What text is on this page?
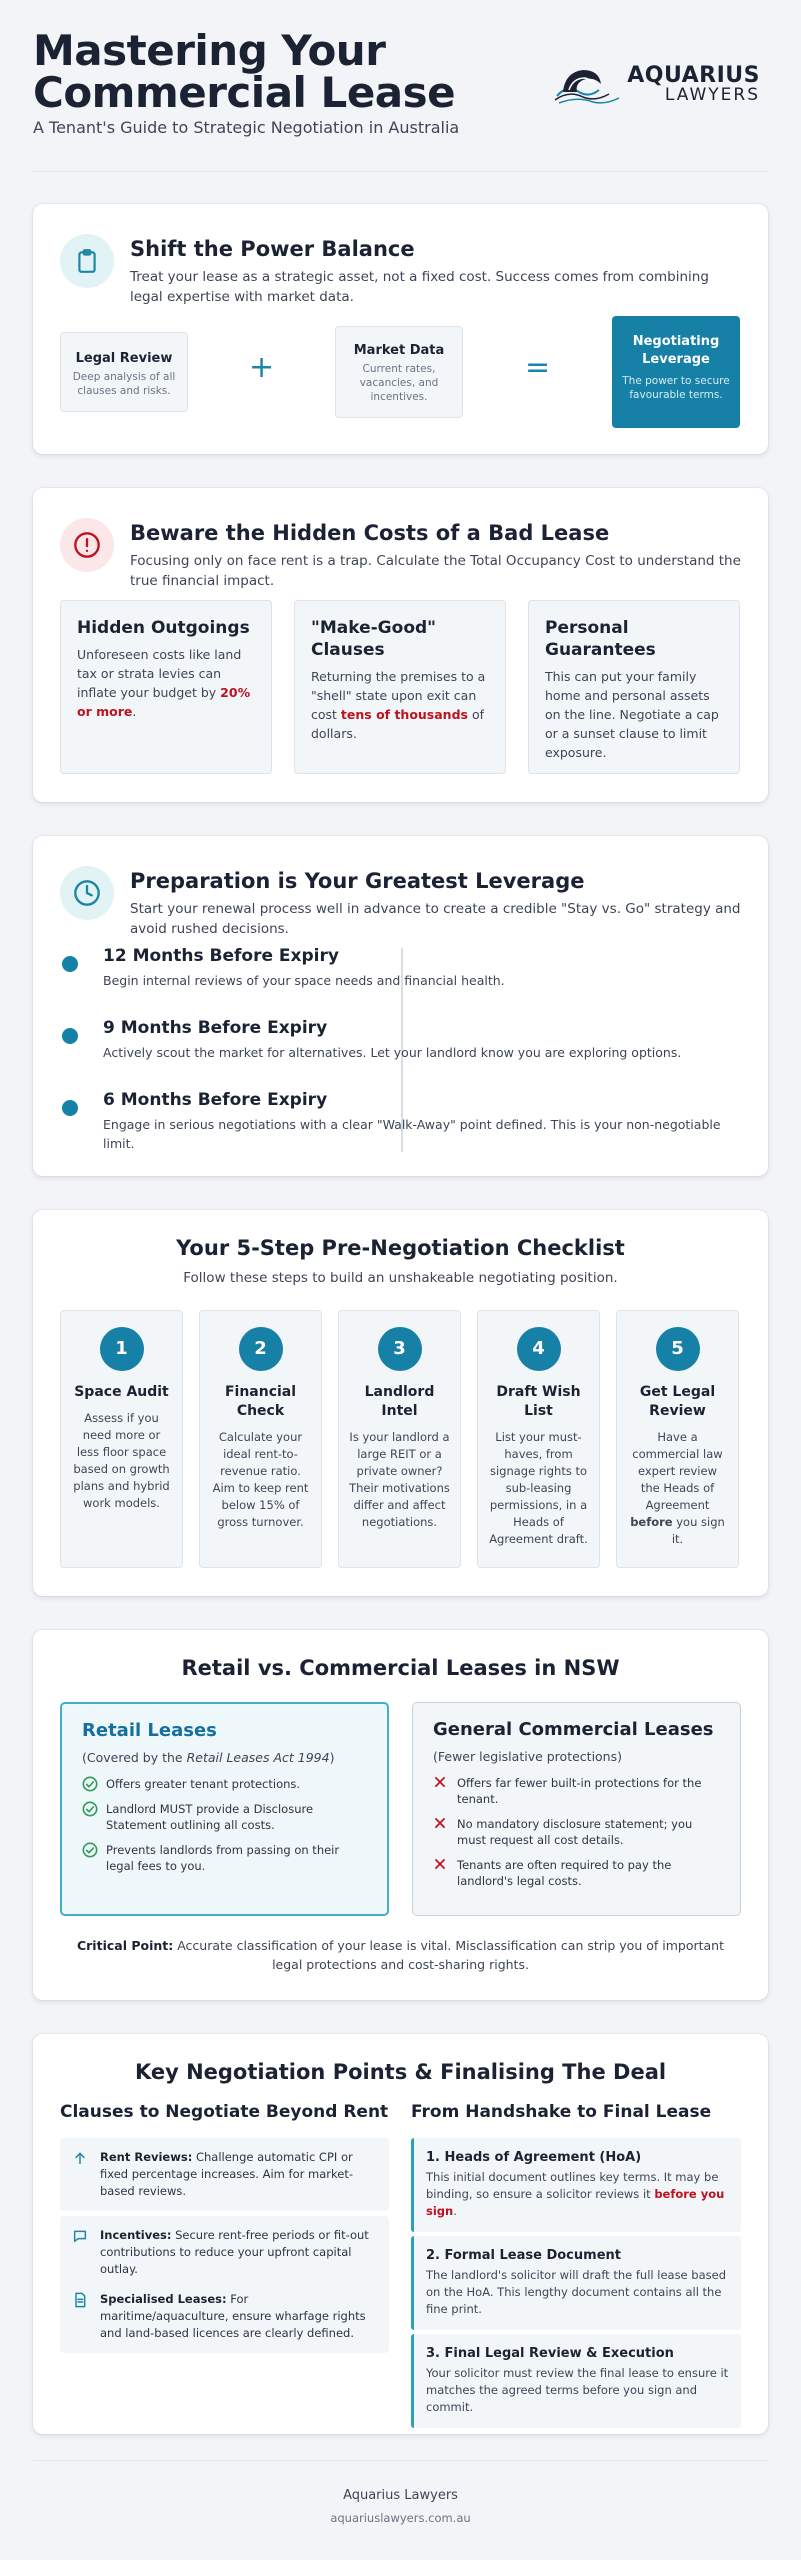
Mastering Your
Commercial Lease
A Tenant's Guide to Strategic Negotiation in Australia
AQUARIUS
LAWYERS
Shift the Power Balance
Treat your lease as a strategic asset, not a fixed cost. Success comes from combining legal expertise with market data.
Legal Review
Deep analysis of all clauses and risks.
+	Market Data
Current rates, vacancies, and incentives.
=
Negotiating Leverage
The power to secure favourable terms.
Beware the Hidden Costs of a Bad Lease
Focusing only on face rent is a trap. Calculate the Total Occupancy Cost to understand the true financial impact.
Hidden Outgoings
Unforeseen costs like land tax or strata levies can inflate your budget by 20% or more.
"Make-Good" Clauses
Returning the premises to a "shell" state upon exit can cost tens of thousands of dollars.
Personal Guarantees
This can put your family home and personal assets on the line. Negotiate a cap or a sunset clause to limit exposure.
Preparation is Your Greatest Leverage
Start your renewal process well in advance to create a credible "Stay vs. Go" strategy and avoid rushed decisions.
12 Months Before Expiry
Begin internal reviews of your space needs and financial health.
9 Months Before Expiry
Actively scout the market for alternatives. Let your landlord know you are exploring options.
6 Months Before Expiry
Engage in serious negotiations with a clear "Walk-Away" point defined. This is your non-negotiable limit.
Your 5-Step Pre-Negotiation Checklist
Follow these steps to build an unshakeable negotiating position.
1
Space Audit
Assess if you need more or less floor space based on growth plans and hybrid work models.
2
Financial Check
Calculate your ideal rent-to-revenue ratio. Aim to keep rent below 15% of gross turnover.
3
Landlord Intel
Is your landlord a large REIT or a private owner? Their motivations differ and affect negotiations.
4
Draft Wish List
List your must-haves, from signage rights to sub-leasing permissions, in a Heads of Agreement draft.
5
Get Legal Review
Have a commercial law expert review the Heads of Agreement before you sign it.
Retail vs. Commercial Leases in NSW
Retail Leases
(Covered by the Retail Leases Act 1994)
Offers greater tenant protections.
Landlord MUST provide a Disclosure Statement outlining all costs.
Prevents landlords from passing on their legal fees to you.
General Commercial Leases
(Fewer legislative protections)
Offers far fewer built-in protections for the tenant.
No mandatory disclosure statement; you must request all cost details.
Tenants are often required to pay the landlord's legal costs.
Critical Point: Accurate classification of your lease is vital. Misclassification can strip you of important legal protections and cost-sharing rights.
Key Negotiation Points & Finalising The Deal
Clauses to Negotiate Beyond Rent From Handshake to Final Lease
Rent Reviews: Challenge automatic CPI or fixed percentage increases. Aim for market-based reviews.
Incentives: Secure rent-free periods or fit-out contributions to reduce your upfront capital outlay.
Specialised Leases: For maritime/aquaculture, ensure wharfage rights and land-based licences are clearly defined.
1. Heads of Agreement (HoA)
This initial document outlines key terms. It may be binding, so ensure a solicitor reviews it before you sign.
2. Formal Lease Document
The landlord's solicitor will draft the full lease based on the HoA. This lengthy document contains all the fine print.
3. Final Legal Review & Execution
Your solicitor must review the final lease to ensure it matches the agreed terms before you sign and commit.
Aquarius Lawyers
aquariuslawyers.com.au
